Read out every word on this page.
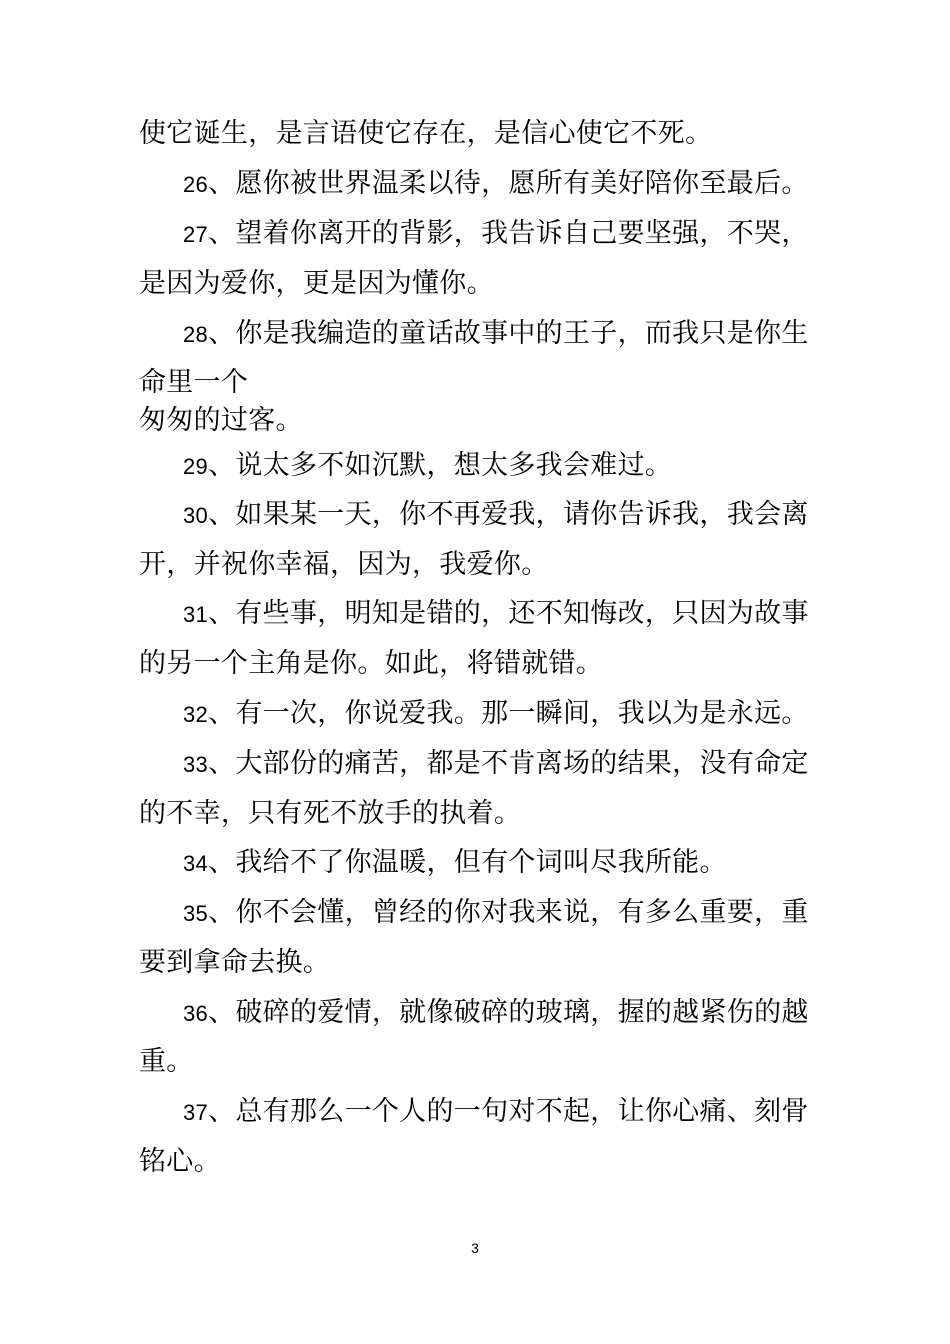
使它诞生，是言语使它存在，是信心使它不死。
26、愿你被世界温柔以待，愿所有美好陪你至最后。
27、望着你离开的背影，我告诉自己要坚强，不哭，
是因为爱你，更是因为懂你。
28、你是我编造的童话故事中的王子，而我只是你生
命里一个
匆匆的过客。
29、说太多不如沉默，想太多我会难过。
30、如果某一天，你不再爱我，请你告诉我，我会离
开，并祝你幸福，因为，我爱你。
31、有些事，明知是错的，还不知悔改，只因为故事
的另一个主角是你。如此，将错就错。
32、有一次，你说爱我。那一瞬间，我以为是永远。
33、大部份的痛苦，都是不肯离场的结果，没有命定
的不幸，只有死不放手的执着。
34、我给不了你温暖，但有个词叫尽我所能。
35、你不会懂，曾经的你对我来说，有多么重要，重
要到拿命去换。
36、破碎的爱情，就像破碎的玻璃，握的越紧伤的越
重。
37、总有那么一个人的一句对不起，让你心痛、刻骨
铭心。
3
